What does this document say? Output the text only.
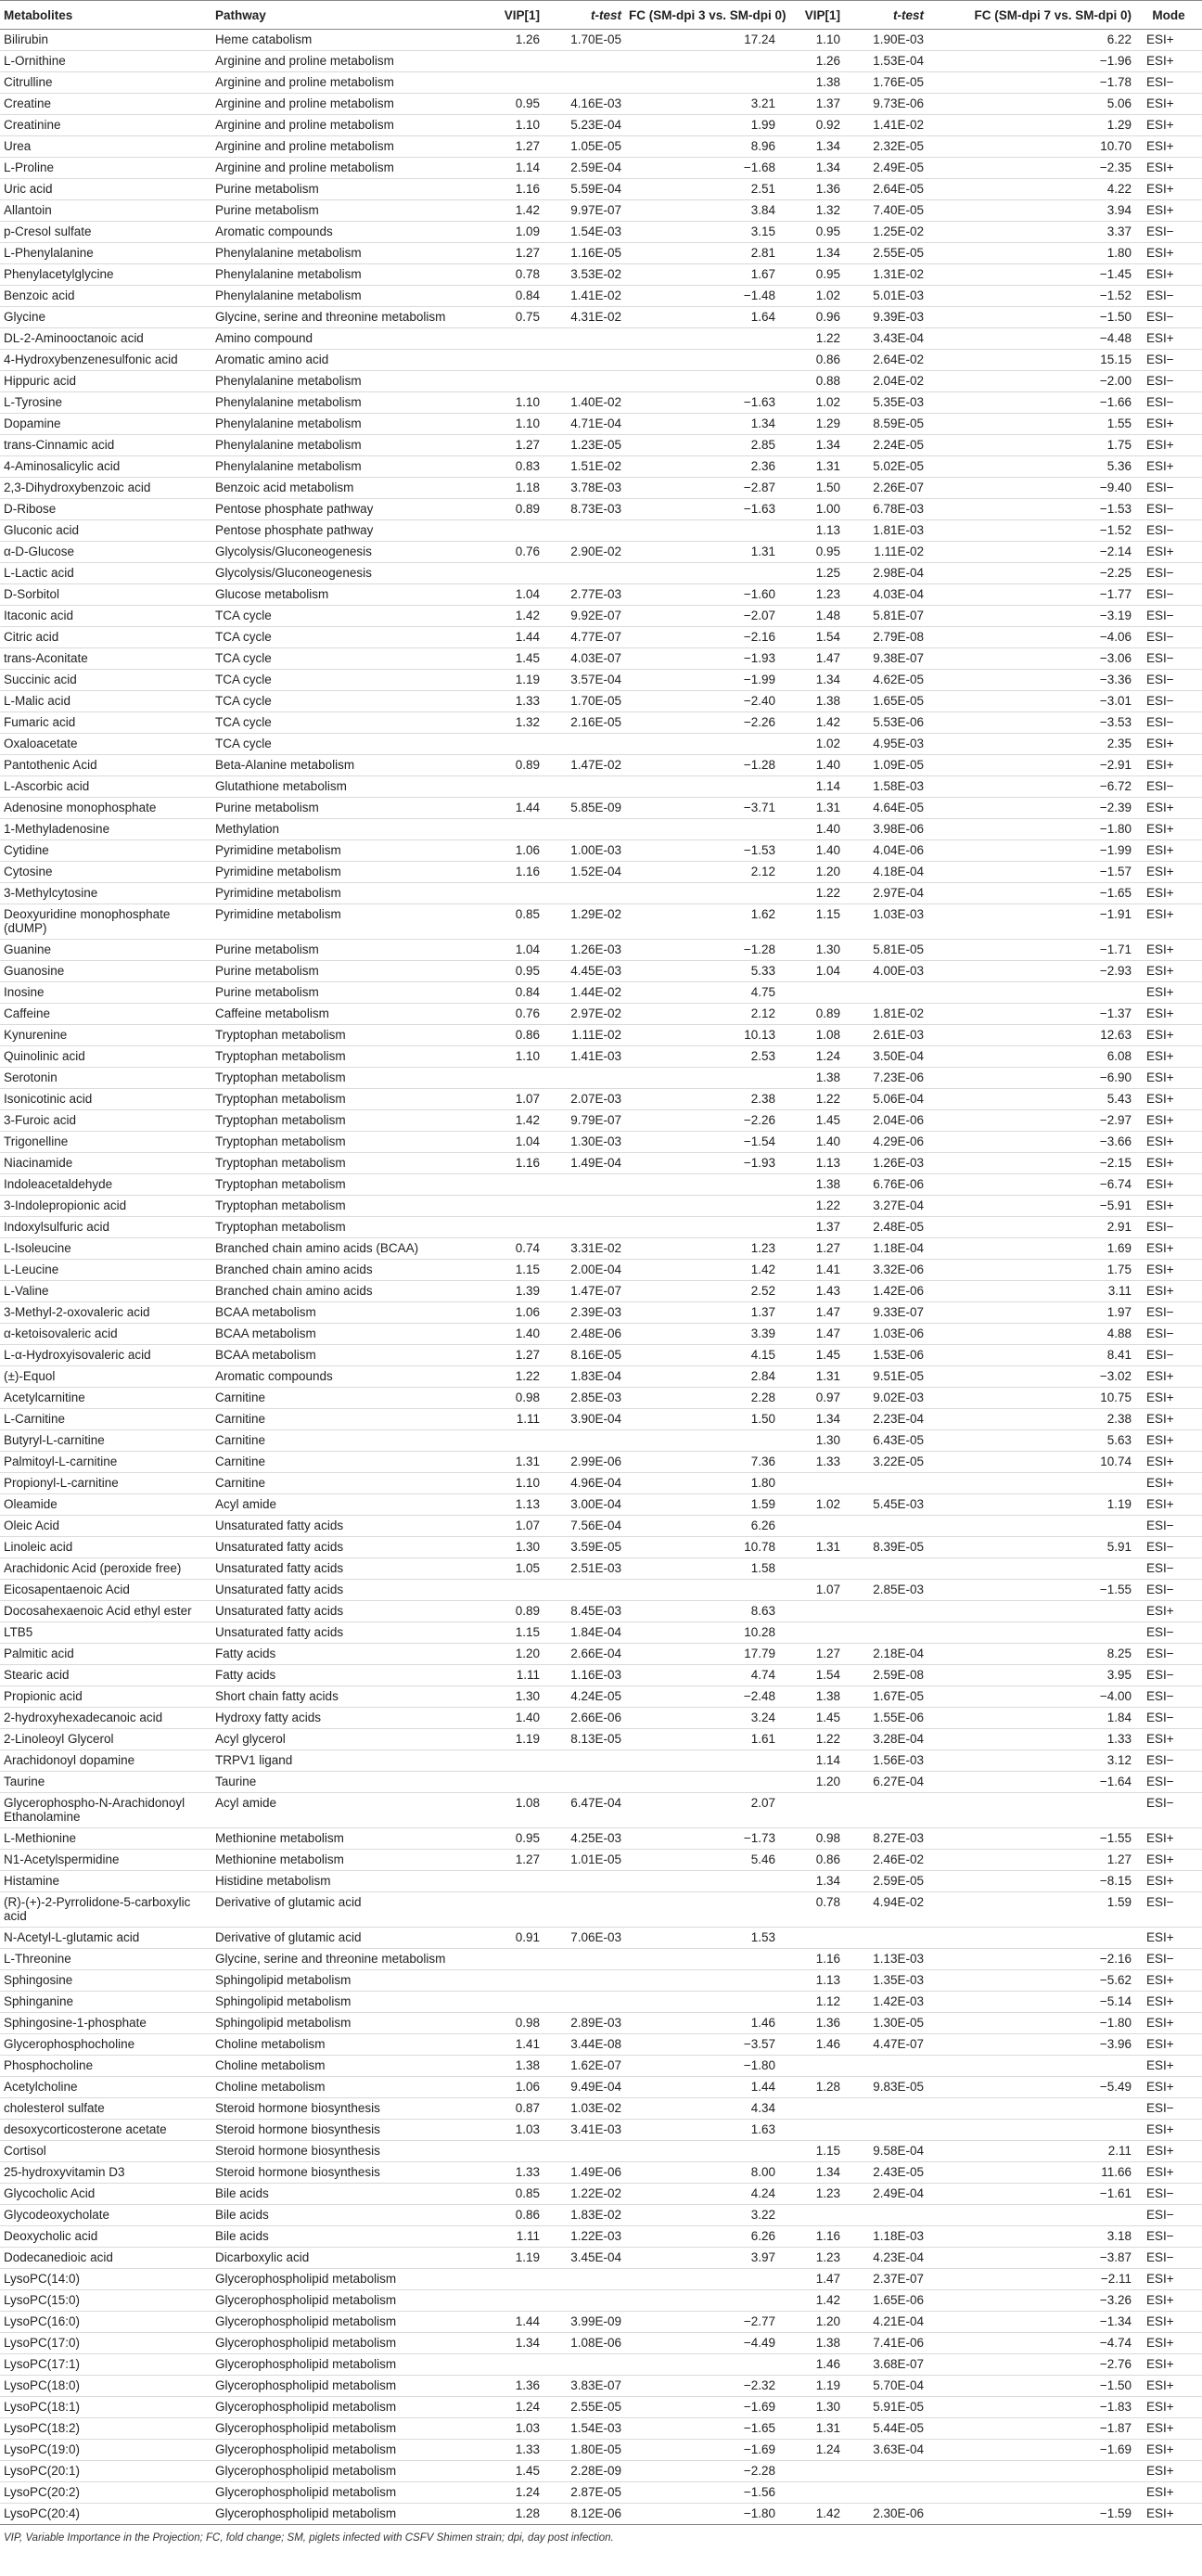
Metabolites	Pathway	VIP[1]	t-test	FC (SM-dpi 3 vs. SM-dpi 0)	VIP[1]	t-test	FC (SM-dpi 7 vs. SM-dpi 0)	Mode
Bilirubin	Heme catabolism	1.26	1.70E-05	17.24	1.10	1.90E-03	6.22	ESI+
L-Ornithine	Arginine and proline metabolism				1.26	1.53E-04	−1.96	ESI+
Citrulline	Arginine and proline metabolism				1.38	1.76E-05	−1.78	ESI−
Creatine	Arginine and proline metabolism	0.95	4.16E-03	3.21	1.37	9.73E-06	5.06	ESI+
Creatinine	Arginine and proline metabolism	1.10	5.23E-04	1.99	0.92	1.41E-02	1.29	ESI+
Urea	Arginine and proline metabolism	1.27	1.05E-05	8.96	1.34	2.32E-05	10.70	ESI+
L-Proline	Arginine and proline metabolism	1.14	2.59E-04	−1.68	1.34	2.49E-05	−2.35	ESI+
Uric acid	Purine metabolism	1.16	5.59E-04	2.51	1.36	2.64E-05	4.22	ESI+
Allantoin	Purine metabolism	1.42	9.97E-07	3.84	1.32	7.40E-05	3.94	ESI+
p-Cresol sulfate	Aromatic compounds	1.09	1.54E-03	3.15	0.95	1.25E-02	3.37	ESI−
L-Phenylalanine	Phenylalanine metabolism	1.27	1.16E-05	2.81	1.34	2.55E-05	1.80	ESI+
Phenylacetylglycine	Phenylalanine metabolism	0.78	3.53E-02	1.67	0.95	1.31E-02	−1.45	ESI+
Benzoic acid	Phenylalanine metabolism	0.84	1.41E-02	−1.48	1.02	5.01E-03	−1.52	ESI−
Glycine	Glycine, serine and threonine metabolism	0.75	4.31E-02	1.64	0.96	9.39E-03	−1.50	ESI−
DL-2-Aminooctanoic acid	Amino compound				1.22	3.43E-04	−4.48	ESI+
4-Hydroxybenzenesulfonic acid	Aromatic amino acid				0.86	2.64E-02	15.15	ESI−
Hippuric acid	Phenylalanine metabolism				0.88	2.04E-02	−2.00	ESI−
L-Tyrosine	Phenylalanine metabolism	1.10	1.40E-02	−1.63	1.02	5.35E-03	−1.66	ESI−
Dopamine	Phenylalanine metabolism	1.10	4.71E-04	1.34	1.29	8.59E-05	1.55	ESI+
trans-Cinnamic acid	Phenylalanine metabolism	1.27	1.23E-05	2.85	1.34	2.24E-05	1.75	ESI+
4-Aminosalicylic acid	Phenylalanine metabolism	0.83	1.51E-02	2.36	1.31	5.02E-05	5.36	ESI+
2,3-Dihydroxybenzoic acid	Benzoic acid metabolism	1.18	3.78E-03	−2.87	1.50	2.26E-07	−9.40	ESI−
D-Ribose	Pentose phosphate pathway	0.89	8.73E-03	−1.63	1.00	6.78E-03	−1.53	ESI−
Gluconic acid	Pentose phosphate pathway				1.13	1.81E-03	−1.52	ESI−
α-D-Glucose	Glycolysis/Gluconeogenesis	0.76	2.90E-02	1.31	0.95	1.11E-02	−2.14	ESI+
L-Lactic acid	Glycolysis/Gluconeogenesis				1.25	2.98E-04	−2.25	ESI−
D-Sorbitol	Glucose metabolism	1.04	2.77E-03	−1.60	1.23	4.03E-04	−1.77	ESI−
Itaconic acid	TCA cycle	1.42	9.92E-07	−2.07	1.48	5.81E-07	−3.19	ESI−
Citric acid	TCA cycle	1.44	4.77E-07	−2.16	1.54	2.79E-08	−4.06	ESI−
trans-Aconitate	TCA cycle	1.45	4.03E-07	−1.93	1.47	9.38E-07	−3.06	ESI−
Succinic acid	TCA cycle	1.19	3.57E-04	−1.99	1.34	4.62E-05	−3.36	ESI−
L-Malic acid	TCA cycle	1.33	1.70E-05	−2.40	1.38	1.65E-05	−3.01	ESI−
Fumaric acid	TCA cycle	1.32	2.16E-05	−2.26	1.42	5.53E-06	−3.53	ESI−
Oxaloacetate	TCA cycle				1.02	4.95E-03	2.35	ESI+
Pantothenic Acid	Beta-Alanine metabolism	0.89	1.47E-02	−1.28	1.40	1.09E-05	−2.91	ESI+
L-Ascorbic acid	Glutathione metabolism				1.14	1.58E-03	−6.72	ESI−
Adenosine monophosphate	Purine metabolism	1.44	5.85E-09	−3.71	1.31	4.64E-05	−2.39	ESI+
1-Methyladenosine	Methylation				1.40	3.98E-06	−1.80	ESI+
Cytidine	Pyrimidine metabolism	1.06	1.00E-03	−1.53	1.40	4.04E-06	−1.99	ESI+
Cytosine	Pyrimidine metabolism	1.16	1.52E-04	2.12	1.20	4.18E-04	−1.57	ESI+
3-Methylcytosine	Pyrimidine metabolism				1.22	2.97E-04	−1.65	ESI+
Deoxyuridine monophosphate (dUMP)	Pyrimidine metabolism	0.85	1.29E-02	1.62	1.15	1.03E-03	−1.91	ESI+
Guanine	Purine metabolism	1.04	1.26E-03	−1.28	1.30	5.81E-05	−1.71	ESI+
Guanosine	Purine metabolism	0.95	4.45E-03	5.33	1.04	4.00E-03	−2.93	ESI+
Inosine	Purine metabolism	0.84	1.44E-02	4.75				ESI+
Caffeine	Caffeine metabolism	0.76	2.97E-02	2.12	0.89	1.81E-02	−1.37	ESI+
Kynurenine	Tryptophan metabolism	0.86	1.11E-02	10.13	1.08	2.61E-03	12.63	ESI+
Quinolinic acid	Tryptophan metabolism	1.10	1.41E-03	2.53	1.24	3.50E-04	6.08	ESI+
Serotonin	Tryptophan metabolism				1.38	7.23E-06	−6.90	ESI+
Isonicotinic acid	Tryptophan metabolism	1.07	2.07E-03	2.38	1.22	5.06E-04	5.43	ESI+
3-Furoic acid	Tryptophan metabolism	1.42	9.79E-07	−2.26	1.45	2.04E-06	−2.97	ESI+
Trigonelline	Tryptophan metabolism	1.04	1.30E-03	−1.54	1.40	4.29E-06	−3.66	ESI+
Niacinamide	Tryptophan metabolism	1.16	1.49E-04	−1.93	1.13	1.26E-03	−2.15	ESI+
Indoleacetaldehyde	Tryptophan metabolism				1.38	6.76E-06	−6.74	ESI+
3-Indolepropionic acid	Tryptophan metabolism				1.22	3.27E-04	−5.91	ESI+
Indoxylsulfuric acid	Tryptophan metabolism				1.37	2.48E-05	2.91	ESI−
L-Isoleucine	Branched chain amino acids (BCAA)	0.74	3.31E-02	1.23	1.27	1.18E-04	1.69	ESI+
L-Leucine	Branched chain amino acids	1.15	2.00E-04	1.42	1.41	3.32E-06	1.75	ESI+
L-Valine	Branched chain amino acids	1.39	1.47E-07	2.52	1.43	1.42E-06	3.11	ESI+
3-Methyl-2-oxovaleric acid	BCAA metabolism	1.06	2.39E-03	1.37	1.47	9.33E-07	1.97	ESI−
α-ketoisovaleric acid	BCAA metabolism	1.40	2.48E-06	3.39	1.47	1.03E-06	4.88	ESI−
L-α-Hydroxyisovaleric acid	BCAA metabolism	1.27	8.16E-05	4.15	1.45	1.53E-06	8.41	ESI−
(±)-Equol	Aromatic compounds	1.22	1.83E-04	2.84	1.31	9.51E-05	−3.02	ESI+
Acetylcarnitine	Carnitine	0.98	2.85E-03	2.28	0.97	9.02E-03	10.75	ESI+
L-Carnitine	Carnitine	1.11	3.90E-04	1.50	1.34	2.23E-04	2.38	ESI+
Butyryl-L-carnitine	Carnitine				1.30	6.43E-05	5.63	ESI+
Palmitoyl-L-carnitine	Carnitine	1.31	2.99E-06	7.36	1.33	3.22E-05	10.74	ESI+
Propionyl-L-carnitine	Carnitine	1.10	4.96E-04	1.80				ESI+
Oleamide	Acyl amide	1.13	3.00E-04	1.59	1.02	5.45E-03	1.19	ESI+
Oleic Acid	Unsaturated fatty acids	1.07	7.56E-04	6.26				ESI−
Linoleic acid	Unsaturated fatty acids	1.30	3.59E-05	10.78	1.31	8.39E-05	5.91	ESI−
Arachidonic Acid (peroxide free)	Unsaturated fatty acids	1.05	2.51E-03	1.58				ESI−
Eicosapentaenoic Acid	Unsaturated fatty acids				1.07	2.85E-03	−1.55	ESI−
Docosahexaenoic Acid ethyl ester	Unsaturated fatty acids	0.89	8.45E-03	8.63				ESI+
LTB5	Unsaturated fatty acids	1.15	1.84E-04	10.28				ESI−
Palmitic acid	Fatty acids	1.20	2.66E-04	17.79	1.27	2.18E-04	8.25	ESI−
Stearic acid	Fatty acids	1.11	1.16E-03	4.74	1.54	2.59E-08	3.95	ESI−
Propionic acid	Short chain fatty acids	1.30	4.24E-05	−2.48	1.38	1.67E-05	−4.00	ESI−
2-hydroxyhexadecanoic acid	Hydroxy fatty acids	1.40	2.66E-06	3.24	1.45	1.55E-06	1.84	ESI−
2-Linoleoyl Glycerol	Acyl glycerol	1.19	8.13E-05	1.61	1.22	3.28E-04	1.33	ESI+
Arachidonoyl dopamine	TRPV1 ligand				1.14	1.56E-03	3.12	ESI−
Taurine	Taurine				1.20	6.27E-04	−1.64	ESI−
Glycerophospho-N-Arachidonoyl Ethanolamine	Acyl amide	1.08	6.47E-04	2.07				ESI−
L-Methionine	Methionine metabolism	0.95	4.25E-03	−1.73	0.98	8.27E-03	−1.55	ESI+
N1-Acetylspermidine	Methionine metabolism	1.27	1.01E-05	5.46	0.86	2.46E-02	1.27	ESI+
Histamine	Histidine metabolism				1.34	2.59E-05	−8.15	ESI+
(R)-(+)-2-Pyrrolidone-5-carboxylic acid	Derivative of glutamic acid				0.78	4.94E-02	1.59	ESI−
N-Acetyl-L-glutamic acid	Derivative of glutamic acid	0.91	7.06E-03	1.53				ESI+
L-Threonine	Glycine, serine and threonine metabolism				1.16	1.13E-03	−2.16	ESI−
Sphingosine	Sphingolipid metabolism				1.13	1.35E-03	−5.62	ESI+
Sphinganine	Sphingolipid metabolism				1.12	1.42E-03	−5.14	ESI+
Sphingosine-1-phosphate	Sphingolipid metabolism	0.98	2.89E-03	1.46	1.36	1.30E-05	−1.80	ESI+
Glycerophosphocholine	Choline metabolism	1.41	3.44E-08	−3.57	1.46	4.47E-07	−3.96	ESI+
Phosphocholine	Choline metabolism	1.38	1.62E-07	−1.80				ESI+
Acetylcholine	Choline metabolism	1.06	9.49E-04	1.44	1.28	9.83E-05	−5.49	ESI+
cholesterol sulfate	Steroid hormone biosynthesis	0.87	1.03E-02	4.34				ESI−
desoxycorticosterone acetate	Steroid hormone biosynthesis	1.03	3.41E-03	1.63				ESI+
Cortisol	Steroid hormone biosynthesis				1.15	9.58E-04	2.11	ESI+
25-hydroxyvitamin D3	Steroid hormone biosynthesis	1.33	1.49E-06	8.00	1.34	2.43E-05	11.66	ESI+
Glycocholic Acid	Bile acids	0.85	1.22E-02	4.24	1.23	2.49E-04	−1.61	ESI−
Glycodeoxycholate	Bile acids	0.86	1.83E-02	3.22				ESI−
Deoxycholic acid	Bile acids	1.11	1.22E-03	6.26	1.16	1.18E-03	3.18	ESI−
Dodecanedioic acid	Dicarboxylic acid	1.19	3.45E-04	3.97	1.23	4.23E-04	−3.87	ESI−
LysoPC(14:0)	Glycerophospholipid metabolism				1.47	2.37E-07	−2.11	ESI+
LysoPC(15:0)	Glycerophospholipid metabolism				1.42	1.65E-06	−3.26	ESI+
LysoPC(16:0)	Glycerophospholipid metabolism	1.44	3.99E-09	−2.77	1.20	4.21E-04	−1.34	ESI+
LysoPC(17:0)	Glycerophospholipid metabolism	1.34	1.08E-06	−4.49	1.38	7.41E-06	−4.74	ESI+
LysoPC(17:1)	Glycerophospholipid metabolism				1.46	3.68E-07	−2.76	ESI+
LysoPC(18:0)	Glycerophospholipid metabolism	1.36	3.83E-07	−2.32	1.19	5.70E-04	−1.50	ESI+
LysoPC(18:1)	Glycerophospholipid metabolism	1.24	2.55E-05	−1.69	1.30	5.91E-05	−1.83	ESI+
LysoPC(18:2)	Glycerophospholipid metabolism	1.03	1.54E-03	−1.65	1.31	5.44E-05	−1.87	ESI+
LysoPC(19:0)	Glycerophospholipid metabolism	1.33	1.80E-05	−1.69	1.24	3.63E-04	−1.69	ESI+
LysoPC(20:1)	Glycerophospholipid metabolism	1.45	2.28E-09	−2.28				ESI+
LysoPC(20:2)	Glycerophospholipid metabolism	1.24	2.87E-05	−1.56				ESI+
LysoPC(20:4)	Glycerophospholipid metabolism	1.28	8.12E-06	−1.80	1.42	2.30E-06	−1.59	ESI+
VIP, Variable Importance in the Projection; FC, fold change; SM, piglets infected with CSFV Shimen strain; dpi, day post infection.
